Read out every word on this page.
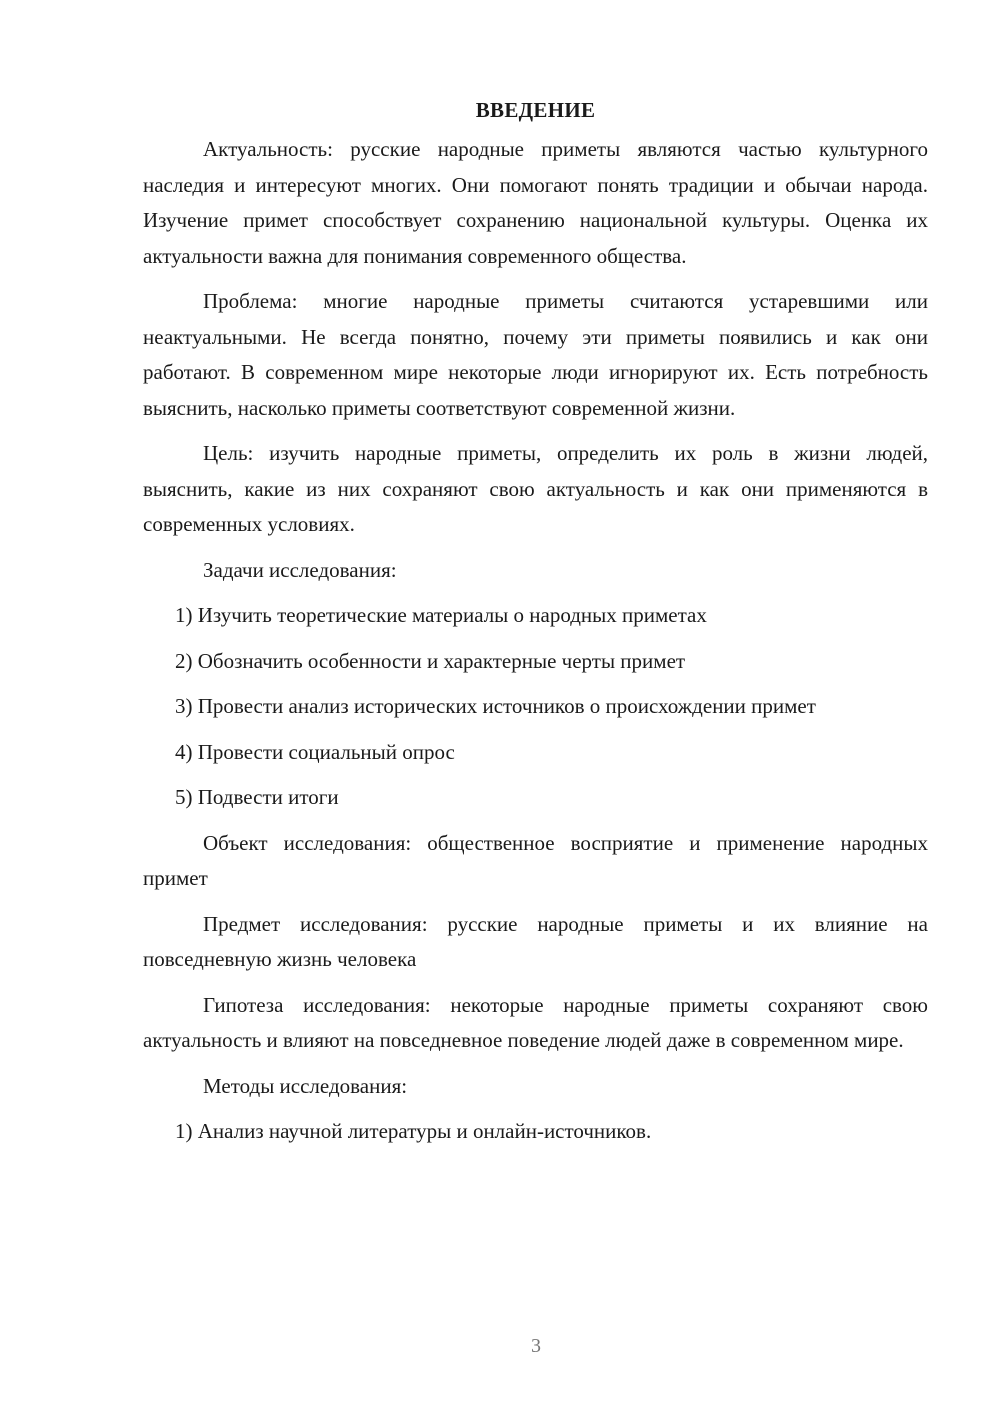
ВВЕДЕНИЕ

Актуальность: русские народные приметы являются частью культурного наследия и интересуют многих. Они помогают понять традиции и обычаи народа. Изучение примет способствует сохранению национальной культуры. Оценка их актуальности важна для понимания современного общества.

Проблема: многие народные приметы считаются устаревшими или неактуальными. Не всегда понятно, почему эти приметы появились и как они работают. В современном мире некоторые люди игнорируют их. Есть потребность выяснить, насколько приметы соответствуют современной жизни.

Цель: изучить народные приметы, определить их роль в жизни людей, выяснить, какие из них сохраняют свою актуальность и как они применяются в современных условиях.

Задачи исследования:

1) Изучить теоретические материалы о народных приметах

2) Обозначить особенности и характерные черты примет

3) Провести анализ исторических источников о происхождении примет

4) Провести социальный опрос

5) Подвести итоги

Объект исследования: общественное восприятие и применение народных примет

Предмет исследования: русские народные приметы и их влияние на повседневную жизнь человека

Гипотеза исследования: некоторые народные приметы сохраняют свою актуальность и влияют на повседневное поведение людей даже в современном мире.

Методы исследования:

1) Анализ научной литературы и онлайн-источников.

3
